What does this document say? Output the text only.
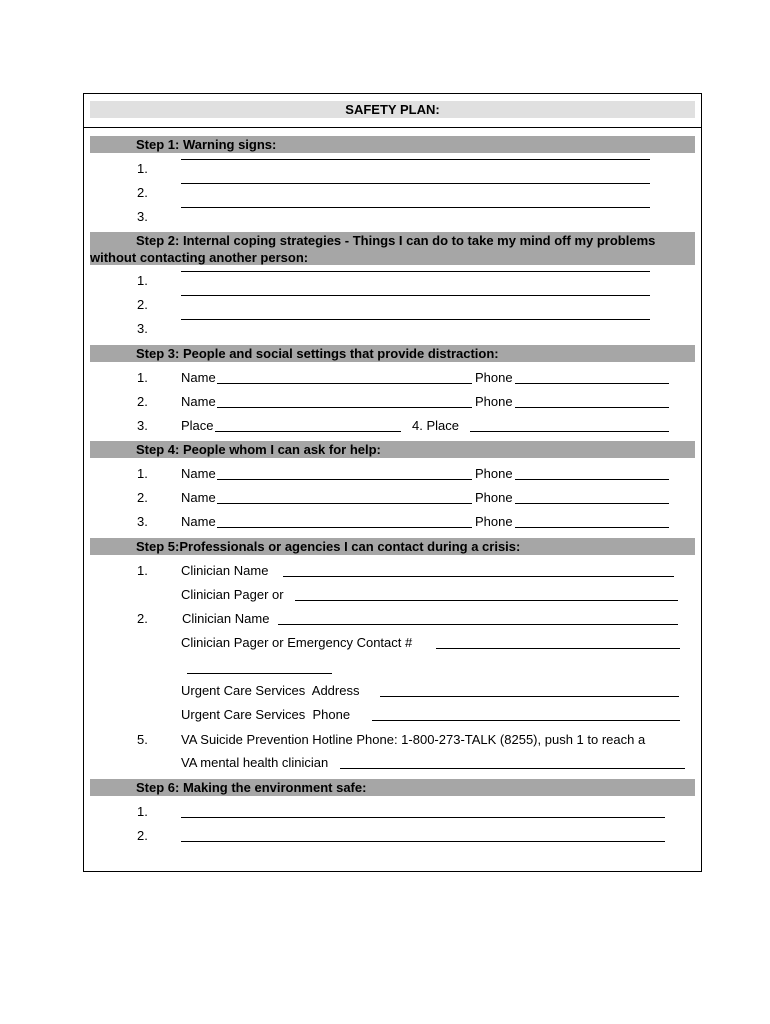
SAFETY PLAN:
Step 1: Warning signs:
1.
2.
3.
Step 2: Internal coping strategies - Things I can do to take my mind off my problems without contacting another person:
1.
2.
3.
Step 3: People and social settings that provide distraction:
1.	Name	Phone
2.	Name	Phone
3.	Place	4. Place
Step 4: People whom I can ask for help:
1.	Name	Phone
2.	Name	Phone
3.	Name	Phone
Step 5:Professionals or agencies I can contact during a crisis:
1.	Clinician Name
Clinician Pager or
2.	Clinician Name
Clinician Pager or Emergency Contact #
Urgent Care Services  Address
Urgent Care Services  Phone
5.	VA Suicide Prevention Hotline Phone: 1-800-273-TALK (8255), push 1 to reach a
VA mental health clinician
Step 6: Making the environment safe:
1.
2.
